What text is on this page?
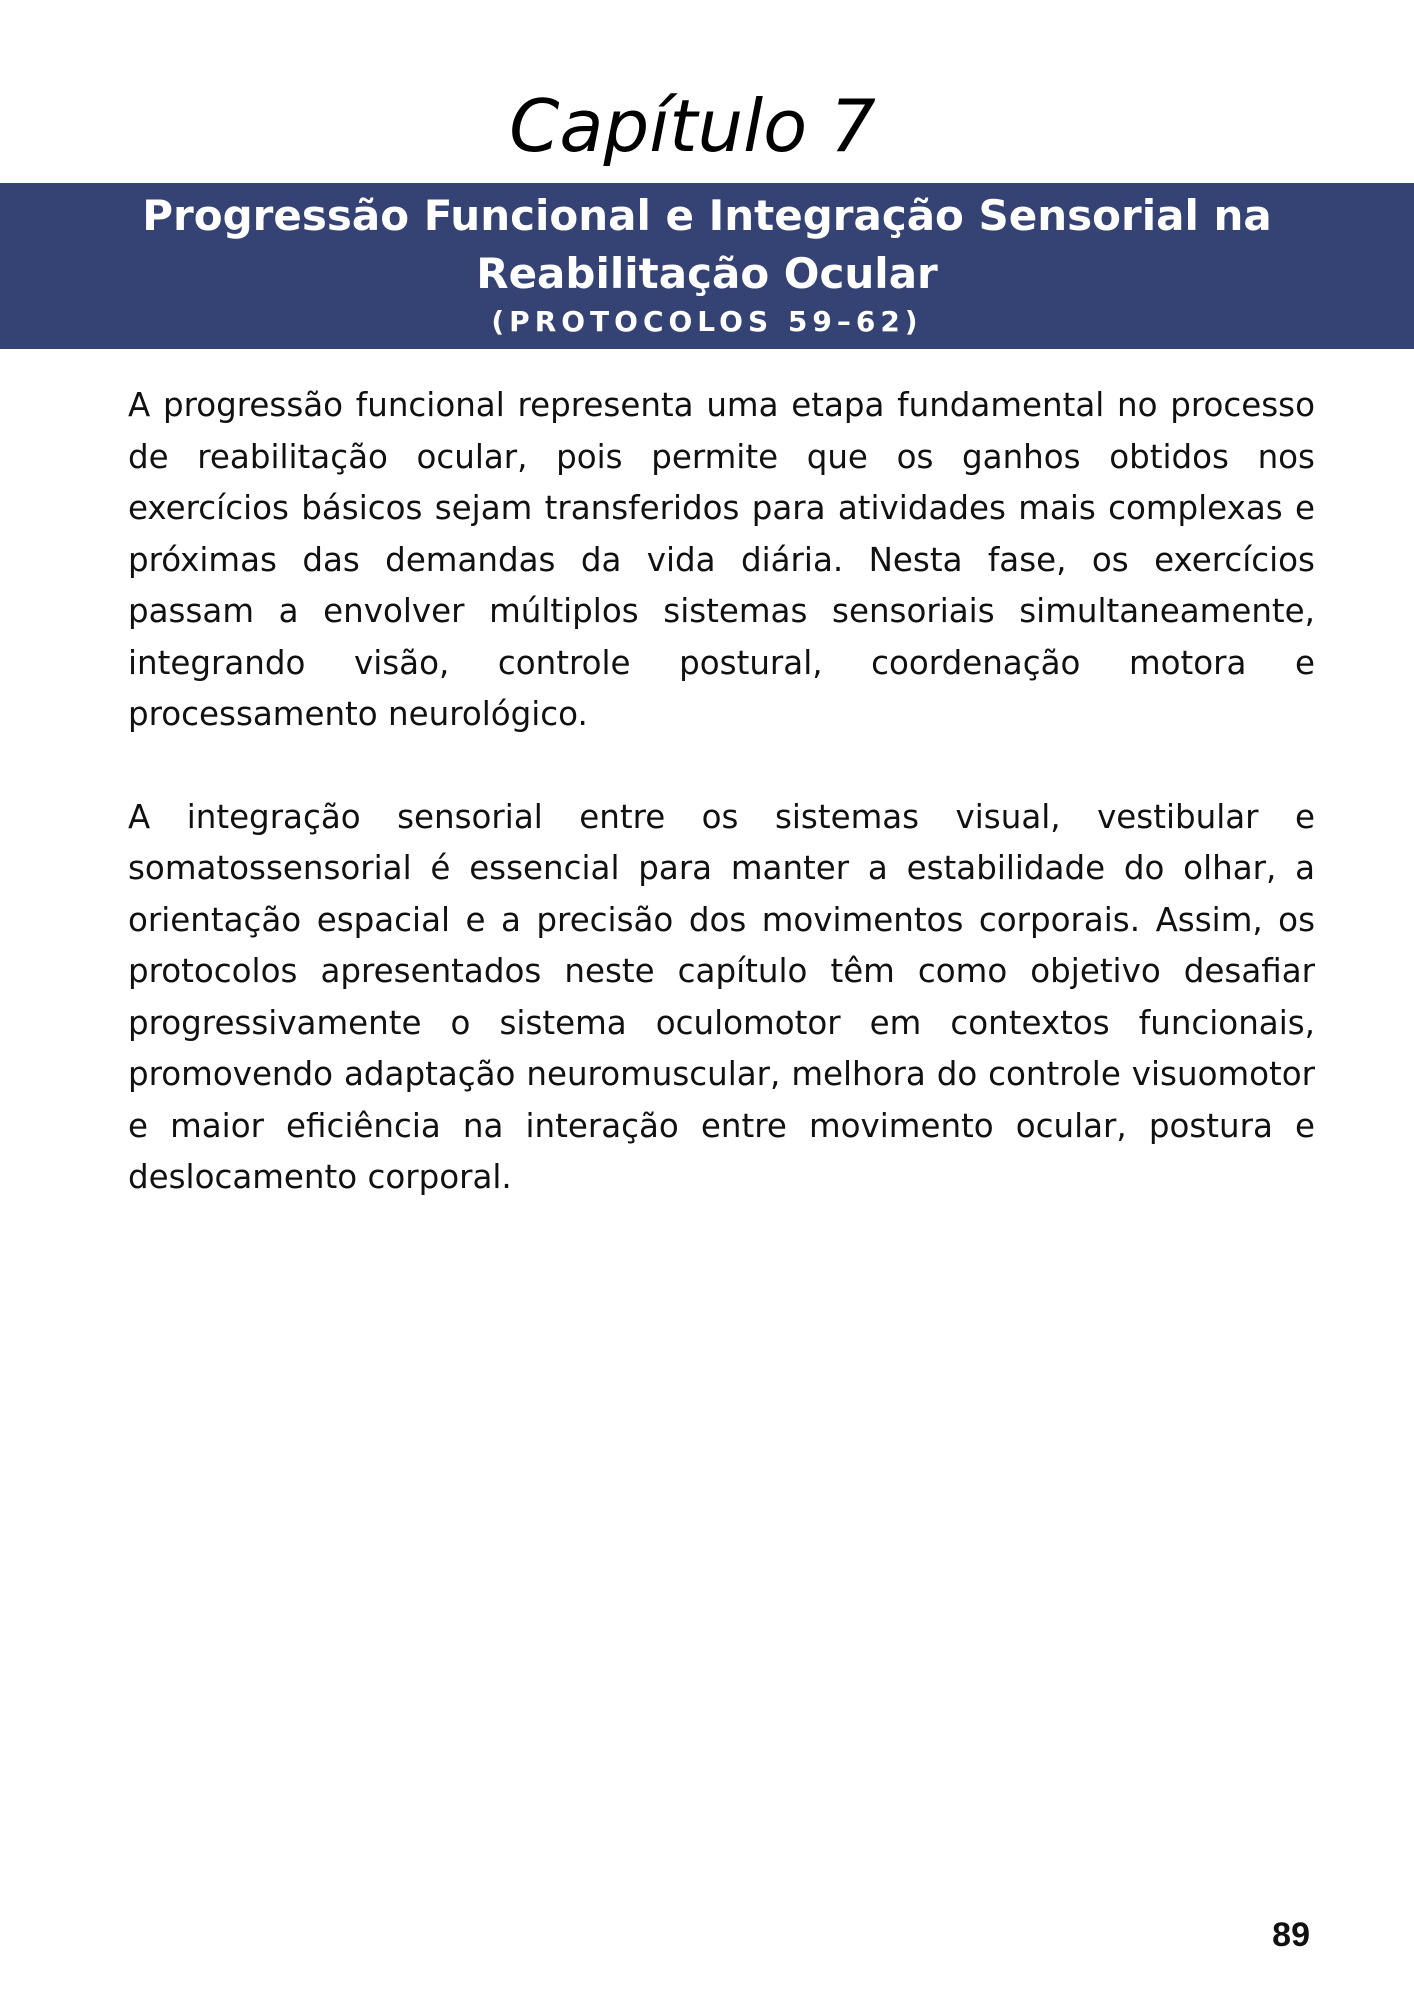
Capítulo 7
Progressão Funcional e Integração Sensorial na Reabilitação Ocular

(PROTOCOLOS 59–62)

A progressão funcional representa uma etapa fundamental no processo de reabilitação ocular, pois permite que os ganhos obtidos nos exercícios básicos sejam transferidos para atividades mais complexas e próximas das demandas da vida diária. Nesta fase, os exercícios passam a envolver múltiplos sistemas sensoriais simultaneamente, integrando visão, controle postural, coordenação motora e processamento neurológico.

A integração sensorial entre os sistemas visual, vestibular e somatossensorial é essencial para manter a estabilidade do olhar, a orientação espacial e a precisão dos movimentos corporais. Assim, os protocolos apresentados neste capítulo têm como objetivo desafiar progressivamente o sistema oculomotor em contextos funcionais, promovendo adaptação neuromuscular, melhora do controle visuomotor e maior eficiência na interação entre movimento ocular, postura e deslocamento corporal.

89
